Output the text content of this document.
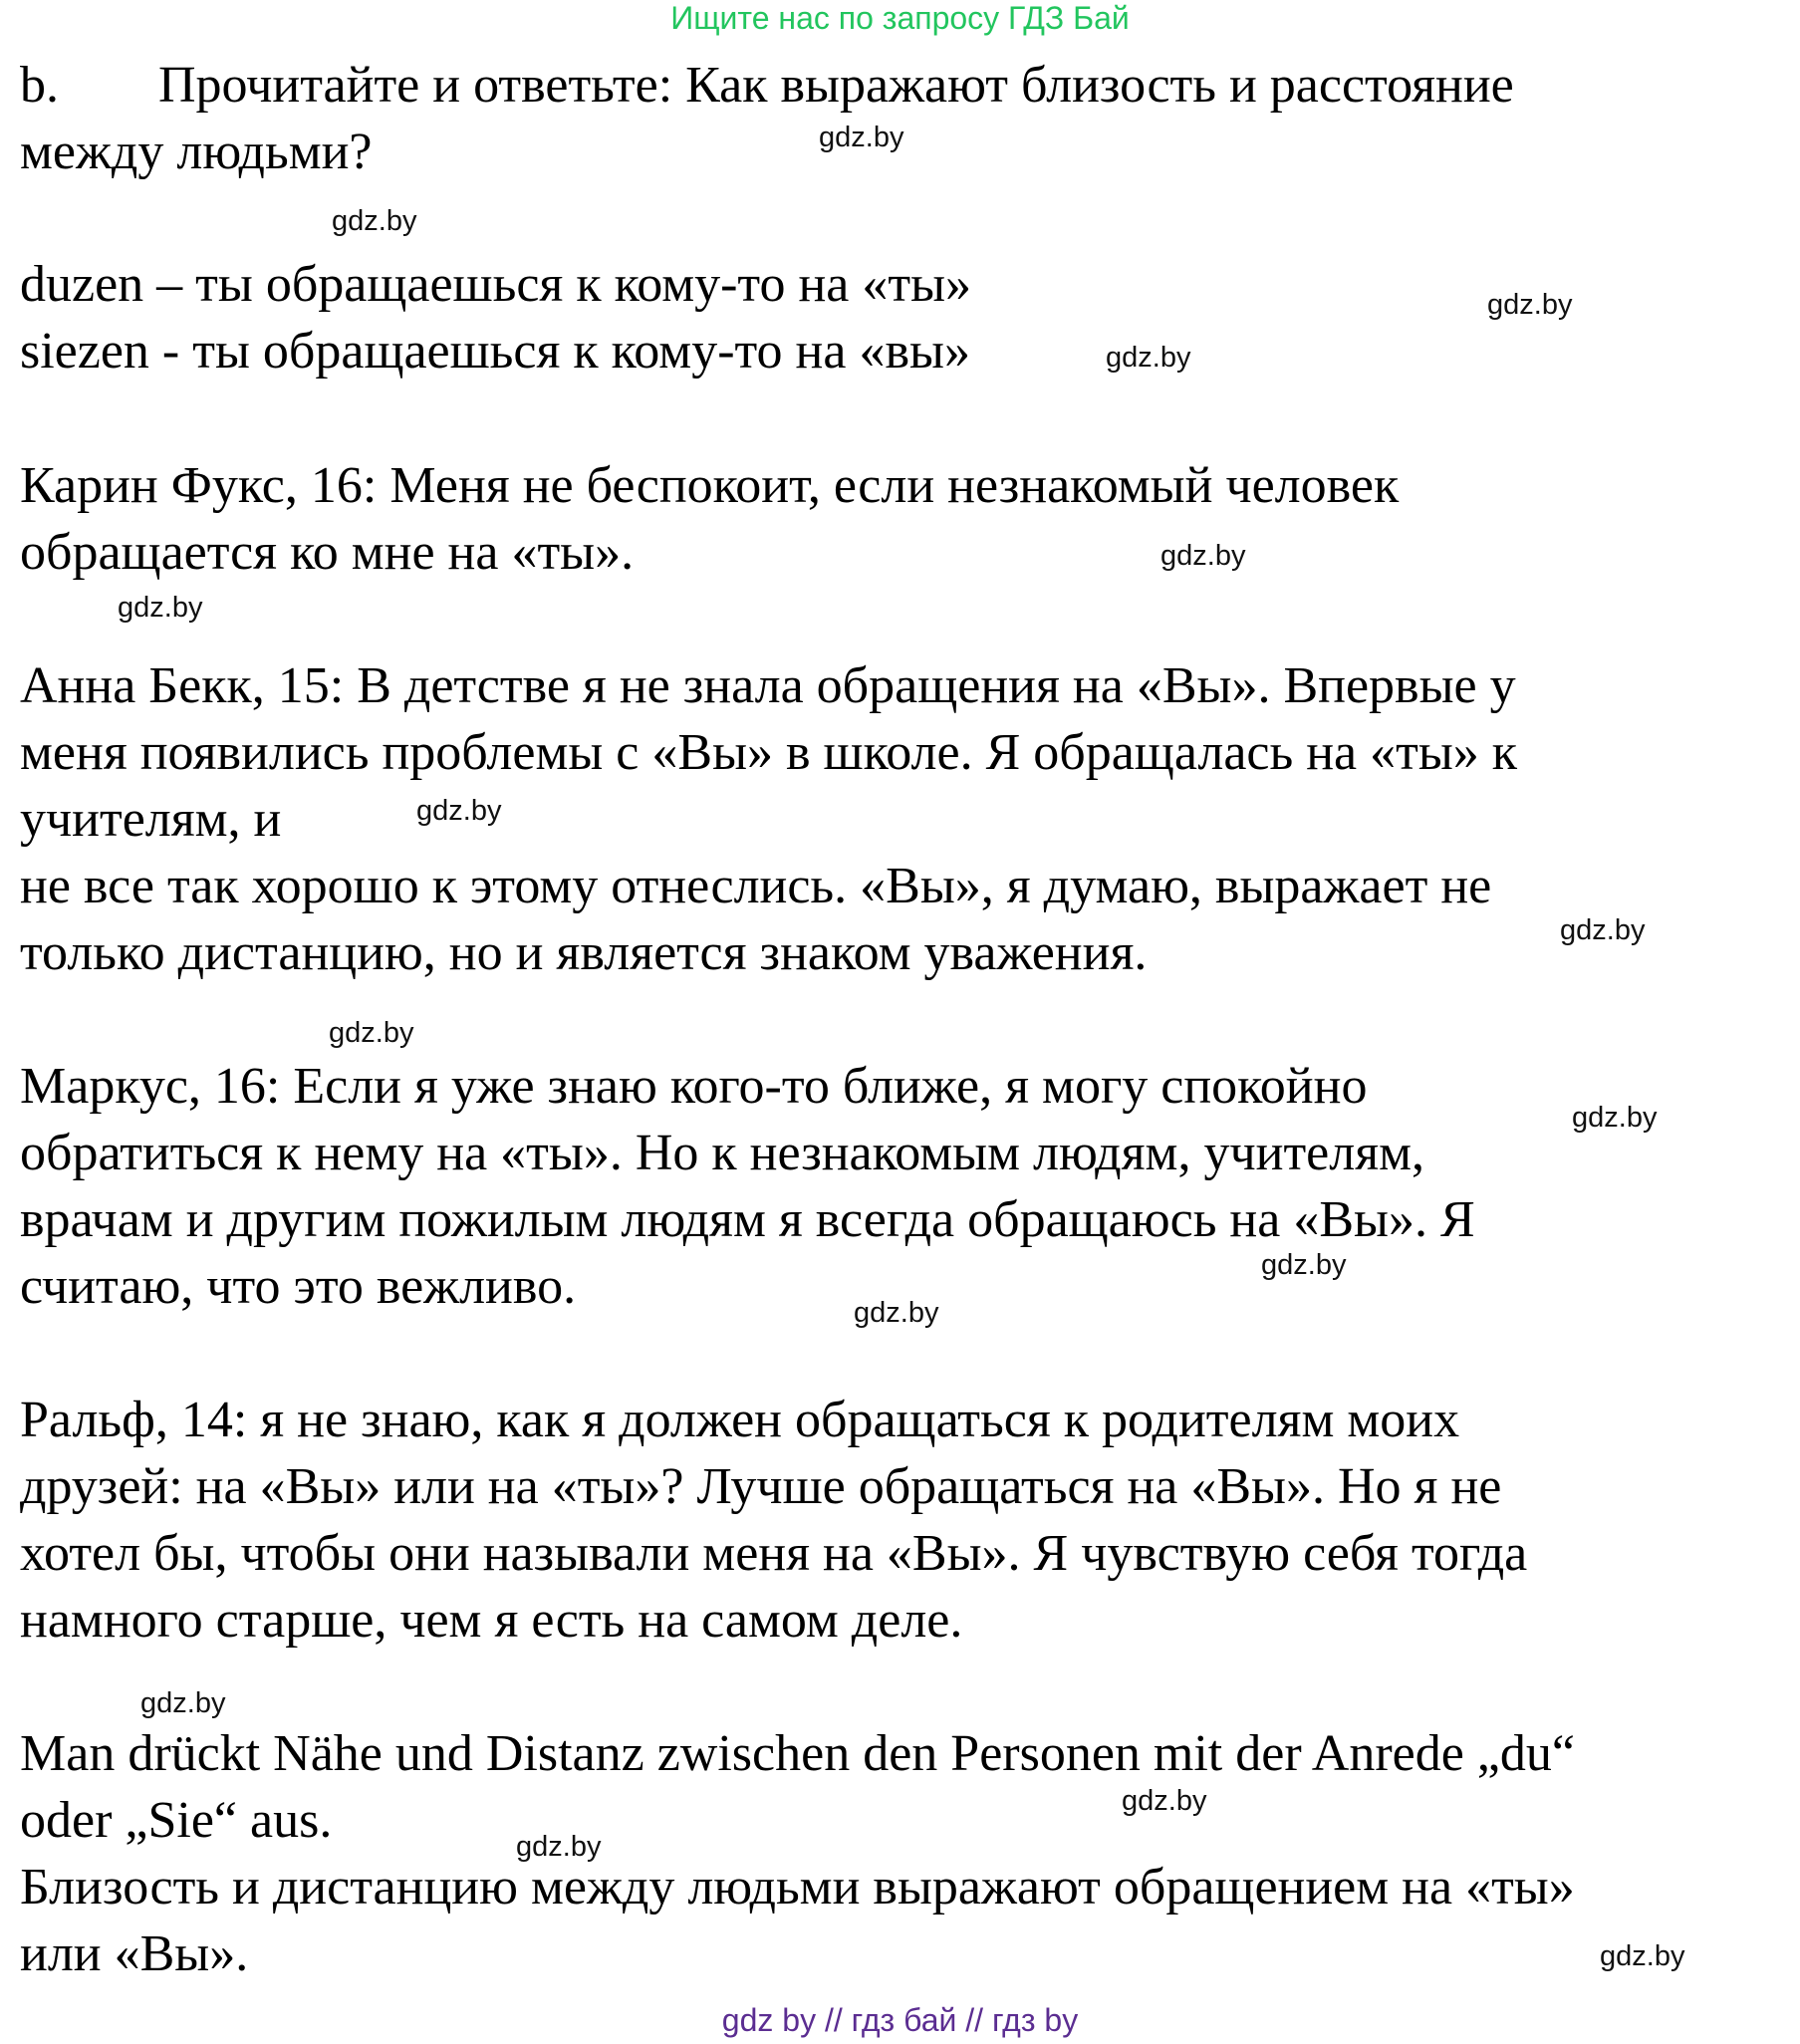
Ищите нас по запросу ГДЗ Бай
b. Прочитайте и ответьте: Как выражают близость и расстояние
между людьми?
duzen – ты обращаешься к кому-то на «ты»
siezen - ты обращаешься к кому-то на «вы»
Карин Фукс, 16: Меня не беспокоит, если незнакомый человек
обращается ко мне на «ты».
Анна Бекк, 15: В детстве я не знала обращения на «Вы». Впервые у
меня появились проблемы с «Вы» в школе. Я обращалась на «ты» к
учителям, и
не все так хорошо к этому отнеслись. «Вы», я думаю, выражает не
только дистанцию, но и является знаком уважения.
Маркус, 16: Если я уже знаю кого-то ближе, я могу спокойно
обратиться к нему на «ты». Но к незнакомым людям, учителям,
врачам и другим пожилым людям я всегда обращаюсь на «Вы». Я
считаю, что это вежливо.
Ральф, 14: я не знаю, как я должен обращаться к родителям моих
друзей: на «Вы» или на «ты»? Лучше обращаться на «Вы». Но я не
хотел бы, чтобы они называли меня на «Вы». Я чувствую себя тогда
намного старше, чем я есть на самом деле.
Man drückt Nähe und Distanz zwischen den Personen mit der Anrede „du“
oder „Sie“ aus.
Близость и дистанцию между людьми выражают обращением на «ты»
или «Вы».
gdz.by
gdz.by
gdz.by
gdz.by
gdz.by
gdz.by
gdz.by
gdz.by
gdz.by
gdz.by
gdz.by
gdz.by
gdz.by
gdz.by
gdz.by
gdz.by
gdz by // гдз бай // гдз by
